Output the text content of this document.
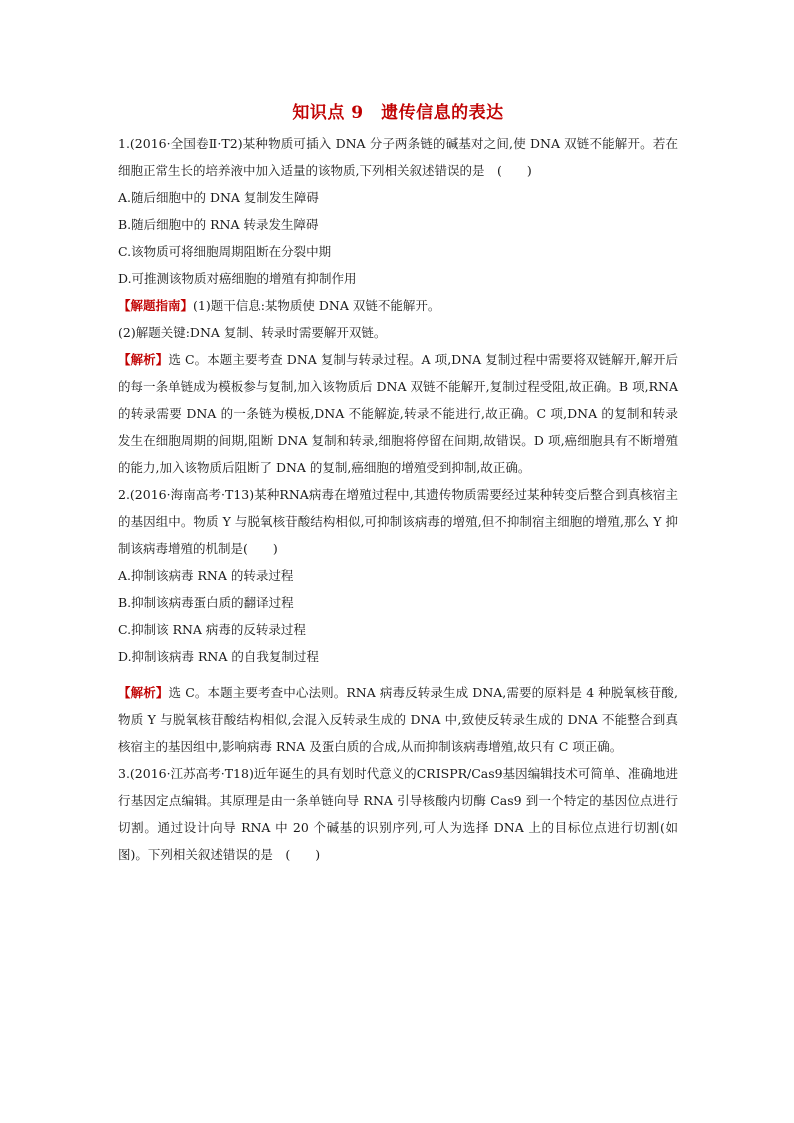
知识点 9　遗传信息的表达

1.(2016·全国卷Ⅱ·T2)某种物质可插入 DNA 分子两条链的碱基对之间,使 DNA 双链不能解开。若在细胞正常生长的培养液中加入适量的该物质,下列相关叙述错误的是　(　　)

A.随后细胞中的 DNA 复制发生障碍

B.随后细胞中的 RNA 转录发生障碍

C.该物质可将细胞周期阻断在分裂中期

D.可推测该物质对癌细胞的增殖有抑制作用

【解题指南】(1)题干信息:某物质使 DNA 双链不能解开。

(2)解题关键:DNA 复制、转录时需要解开双链。

【解析】选 C。本题主要考查 DNA 复制与转录过程。A 项,DNA 复制过程中需要将双链解开,解开后的每一条单链成为模板参与复制,加入该物质后 DNA 双链不能解开,复制过程受阻,故正确。B 项,RNA 的转录需要 DNA 的一条链为模板,DNA 不能解旋,转录不能进行,故正确。C 项,DNA 的复制和转录发生在细胞周期的间期,阻断 DNA 复制和转录,细胞将停留在间期,故错误。D 项,癌细胞具有不断增殖的能力,加入该物质后阻断了 DNA 的复制,癌细胞的增殖受到抑制,故正确。

2.(2016·海南高考·T13)某种RNA病毒在增殖过程中,其遗传物质需要经过某种转变后整合到真核宿主的基因组中。物质 Y 与脱氧核苷酸结构相似,可抑制该病毒的增殖,但不抑制宿主细胞的增殖,那么 Y 抑制该病毒增殖的机制是(　　)

A.抑制该病毒 RNA 的转录过程

B.抑制该病毒蛋白质的翻译过程

C.抑制该 RNA 病毒的反转录过程

D.抑制该病毒 RNA 的自我复制过程

【解析】选 C。本题主要考查中心法则。RNA 病毒反转录生成 DNA,需要的原料是 4 种脱氧核苷酸,物质 Y 与脱氧核苷酸结构相似,会混入反转录生成的 DNA 中,致使反转录生成的 DNA 不能整合到真核宿主的基因组中,影响病毒 RNA 及蛋白质的合成,从而抑制该病毒增殖,故只有 C 项正确。

3.(2016·江苏高考·T18)近年诞生的具有划时代意义的CRISPR/Cas9基因编辑技术可简单、准确地进行基因定点编辑。其原理是由一条单链向导 RNA 引导核酸内切酶 Cas9 到一个特定的基因位点进行切割。通过设计向导 RNA 中 20 个碱基的识别序列,可人为选择 DNA 上的目标位点进行切割(如图)。下列相关叙述错误的是　(　　)
